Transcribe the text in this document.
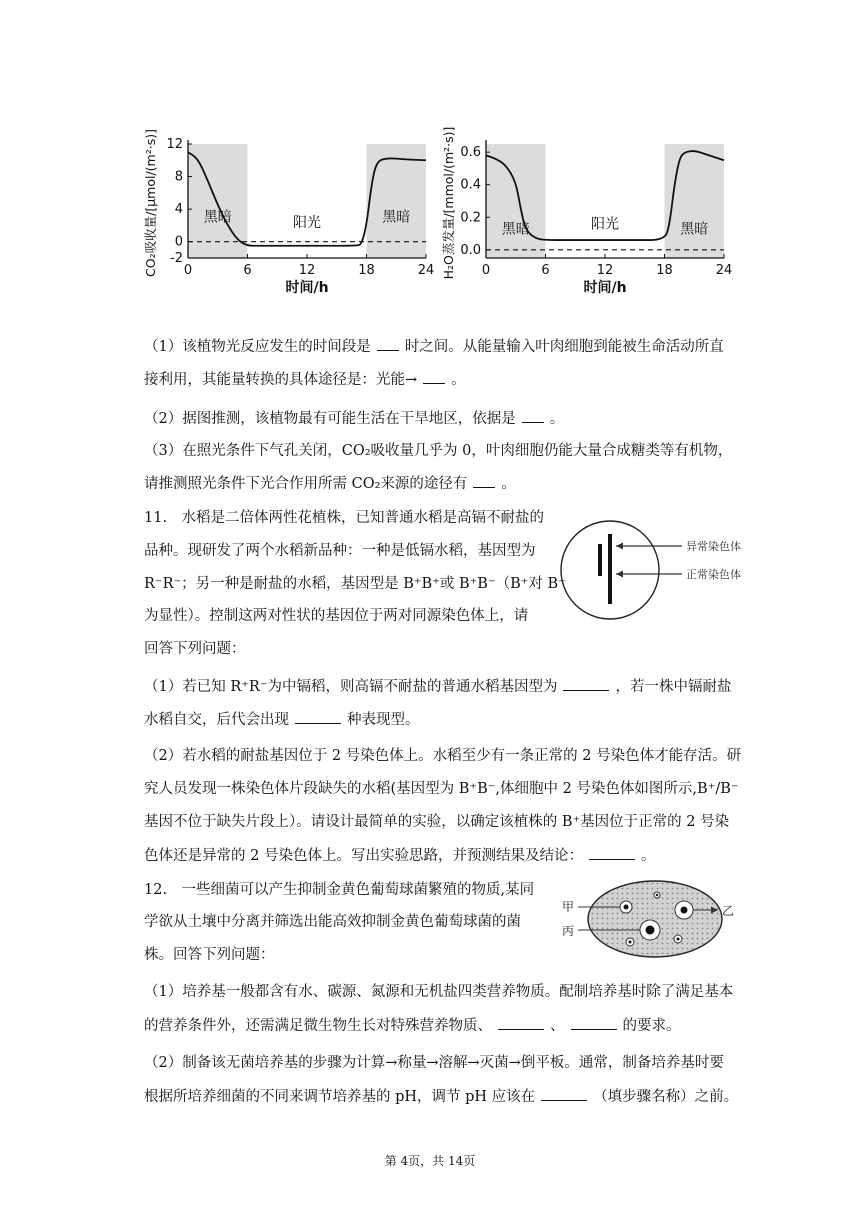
0	6	12	18	24
-2
0
4
8
12
黑暗	阳光	黑暗
时间/h
CO₂吸收量/[μmol/(m²·s)]	0	6	12	18	24
0.0
0.2
0.4
0.6
黑暗	阳光	黑暗
时间/h
H₂O蒸发量/[mmol/(m²·s)]
（1）该植物光反应发生的时间段是 时之间。从能量输入叶肉细胞到能被生命活动所直
接利用，其能量转换的具体途径是：光能→ 。
（2）据图推测，该植物最有可能生活在干旱地区，依据是 。
（3）在照光条件下气孔关闭，CO₂吸收量几乎为 0，叶肉细胞仍能大量合成糖类等有机物，
请推测照光条件下光合作用所需 CO₂来源的途径有 。
11.　水稻是二倍体两性花植株，已知普通水稻是高镉不耐盐的
品种。现研发了两个水稻新品种：一种是低镉水稻，基因型为
R⁻R⁻；另一种是耐盐的水稻，基因型是 B⁺B⁺或 B⁺B⁻（B⁺对 B⁻
为显性）。控制这两对性状的基因位于两对同源染色体上，请
回答下列问题：
异常染色体
正常染色体
（1）若已知 R⁺R⁻为中镉稻，则高镉不耐盐的普通水稻基因型为	，若一株中镉耐盐
水稻自交，后代会出现	种表现型。
（2）若水稻的耐盐基因位于 2 号染色体上。水稻至少有一条正常的 2 号染色体才能存活。研
究人员发现一株染色体片段缺失的水稻(基因型为 B⁺B⁻,体细胞中 2 号染色体如图所示,B⁺/B⁻
基因不位于缺失片段上）。请设计最简单的实验，以确定该植株的 B⁺基因位于正常的 2 号染
色体还是异常的 2 号染色体上。写出实验思路，并预测结果及结论：	。
12.　一些细菌可以产生抑制金黄色葡萄球菌繁殖的物质,某同
学欲从土壤中分离并筛选出能高效抑制金黄色葡萄球菌的菌
株。回答下列问题：
甲	乙
丙
（1）培养基一般都含有水、碳源、氮源和无机盐四类营养物质。配制培养基时除了满足基本
的营养条件外，还需满足微生物生长对特殊营养物质、	、	的要求。
（2）制备该无菌培养基的步骤为计算→称量→溶解→灭菌→倒平板。通常，制备培养基时要
根据所培养细菌的不同来调节培养基的 pH，调节 pH 应该在	（填步骤名称）之前。
第 4页，共 14页
